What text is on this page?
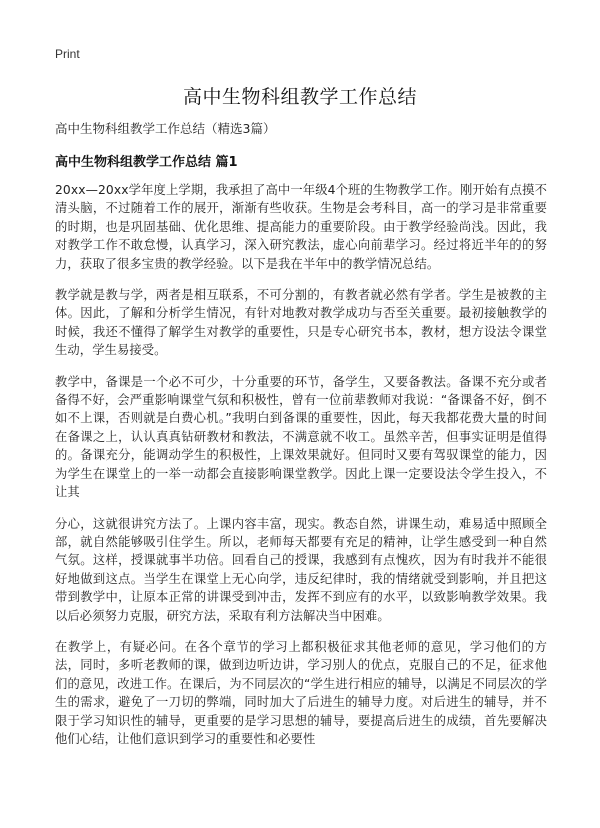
Print
高中生物科组教学工作总结
高中生物科组教学工作总结（精选3篇）
高中生物科组教学工作总结 篇1

20xx—20xx学年度上学期，我承担了高中一年级4个班的生物教学工作。刚开始有点摸不清头脑，不过随着工作的展开，渐渐有些收获。生物是会考科目，高一的学习是非常重要的时期，也是巩固基础、优化思维、提高能力的重要阶段。由于教学经验尚浅。因此，我对教学工作不敢怠慢，认真学习，深入研究教法，虚心向前辈学习。经过将近半年的的努力，获取了很多宝贵的教学经验。以下是我在半年中的教学情况总结。

教学就是教与学，两者是相互联系，不可分割的，有教者就必然有学者。学生是被教的主体。因此，了解和分析学生情况，有针对地教对教学成功与否至关重要。最初接触教学的时候，我还不懂得了解学生对教学的重要性，只是专心研究书本，教材，想方设法令课堂生动，学生易接受。

教学中，备课是一个必不可少，十分重要的环节，备学生，又要备教法。备课不充分或者备得不好，会严重影响课堂气氛和积极性，曾有一位前辈教师对我说：“备课备不好，倒不如不上课，否则就是白费心机。”我明白到备课的重要性，因此，每天我都花费大量的时间在备课之上，认认真真钻研教材和教法，不满意就不收工。虽然辛苦，但事实证明是值得的。备课充分，能调动学生的积极性，上课效果就好。但同时又要有驾驭课堂的能力，因为学生在课堂上的一举一动都会直接影响课堂教学。因此上课一定要设法令学生投入，不让其

分心，这就很讲究方法了。上课内容丰富，现实。教态自然，讲课生动，难易适中照顾全部，就自然能够吸引住学生。所以，老师每天都要有充足的精神，让学生感受到一种自然气氛。这样，授课就事半功倍。回看自己的授课，我感到有点愧疚，因为有时我并不能很好地做到这点。当学生在课堂上无心向学，违反纪律时，我的情绪就受到影响，并且把这带到教学中，让原本正常的讲课受到冲击，发挥不到应有的水平，以致影响教学效果。我以后必须努力克服，研究方法，采取有利方法解决当中困难。

在教学上，有疑必问。在各个章节的学习上都积极征求其他老师的意见，学习他们的方法，同时，多听老教师的课，做到边听边讲，学习别人的优点，克服自己的不足，征求他们的意见，改进工作。在课后，为不同层次的“学生进行相应的辅导，以满足不同层次的学生的需求，避免了一刀切的弊端，同时加大了后进生的辅导力度。对后进生的辅导，并不限于学习知识性的辅导，更重要的是学习思想的辅导，要提高后进生的成绩，首先要解决他们心结，让他们意识到学习的重要性和必要性
